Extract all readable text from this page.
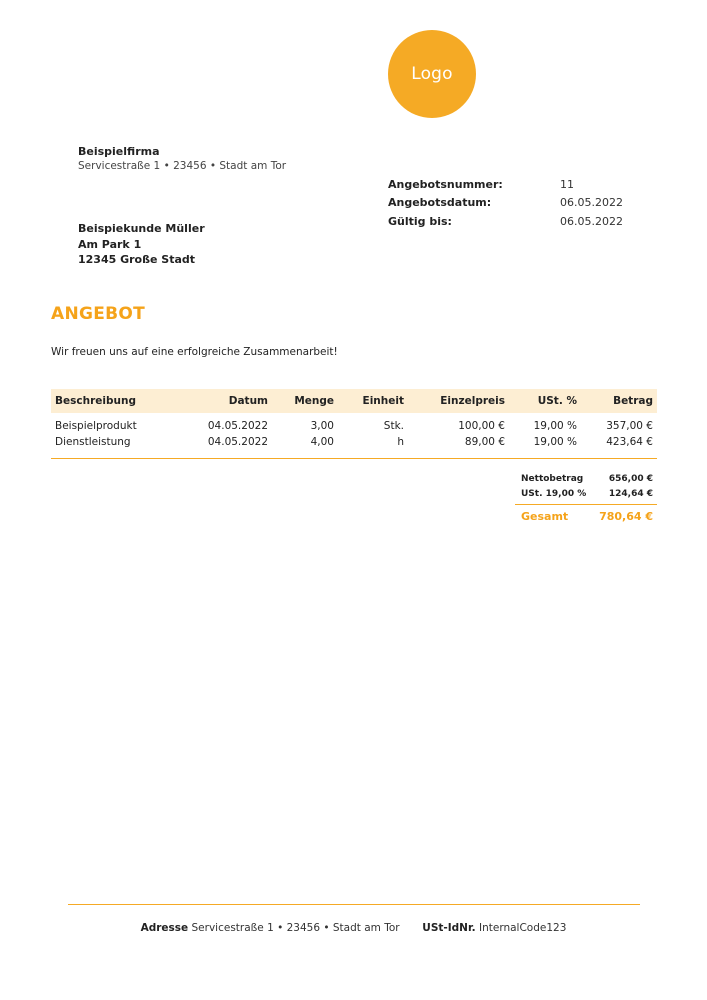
Logo
Beispielfirma
Servicestraße 1 • 23456 • Stadt am Tor
Angebotsnummer:	11
Angebotsdatum:	06.05.2022
Gültig bis:	06.05.2022
Beispiekunde Müller
Am Park 1
12345 Große Stadt
ANGEBOT
Wir freuen uns auf eine erfolgreiche Zusammenarbeit!
Beschreibung	Datum	Menge	Einheit	Einzelpreis	USt. %	Betrag
Beispielprodukt	04.05.2022	3,00	Stk.	100,00 €	19,00 %	357,00 €
Dienstleistung	04.05.2022	4,00	h	89,00 €	19,00 %	423,64 €
Nettobetrag	656,00 €
USt. 19,00 %	124,64 €
Gesamt	780,64 €
Adresse Servicestraße 1 • 23456 • Stadt am Tor USt-IdNr. InternalCode123
